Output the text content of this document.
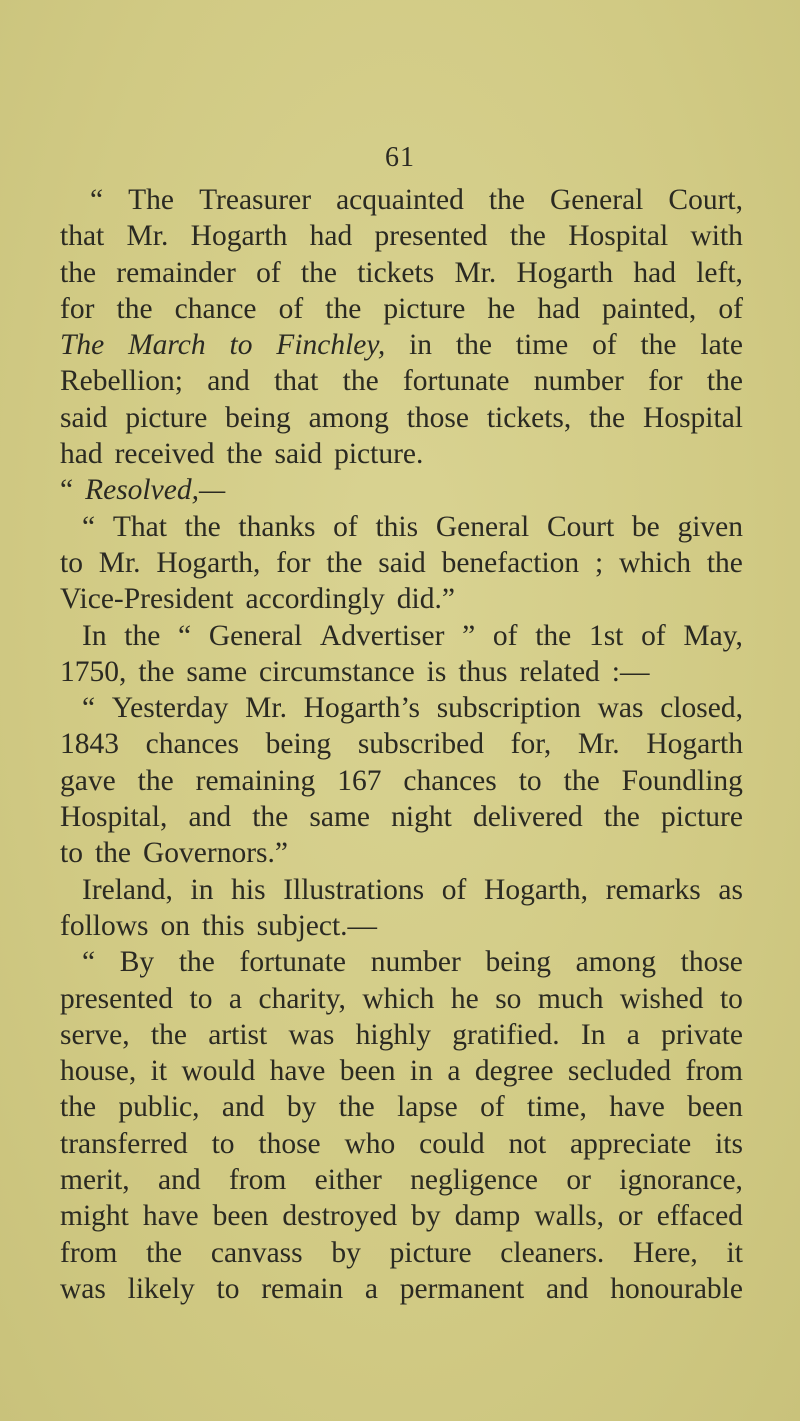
61
“ The Treasurer acquainted the General Court,
that Mr. Hogarth had presented the Hospital with
the remainder of the tickets Mr. Hogarth had left,
for the chance of the picture he had painted, of
The March to Finchley, in the time of the late
Rebellion; and that the fortunate number for the
said picture being among those tickets, the Hospital
had received the said picture.
“ Resolved,—
“ That the thanks of this General Court be given
to Mr. Hogarth, for the said benefaction ; which the
Vice-President accordingly did.”
In the “ General Advertiser ” of the 1st of May,
1750, the same circumstance is thus related :—
“ Yesterday Mr. Hogarth’s subscription was closed,
1843 chances being subscribed for, Mr. Hogarth
gave the remaining 167 chances to the Foundling
Hospital, and the same night delivered the picture
to the Governors.”
Ireland, in his Illustrations of Hogarth, remarks as
follows on this subject.—
“ By the fortunate number being among those
presented to a charity, which he so much wished to
serve, the artist was highly gratified. In a private
house, it would have been in a degree secluded from
the public, and by the lapse of time, have been
transferred to those who could not appreciate its
merit, and from either negligence or ignorance,
might have been destroyed by damp walls, or effaced
from the canvass by picture cleaners. Here, it
was likely to remain a permanent and honourable
